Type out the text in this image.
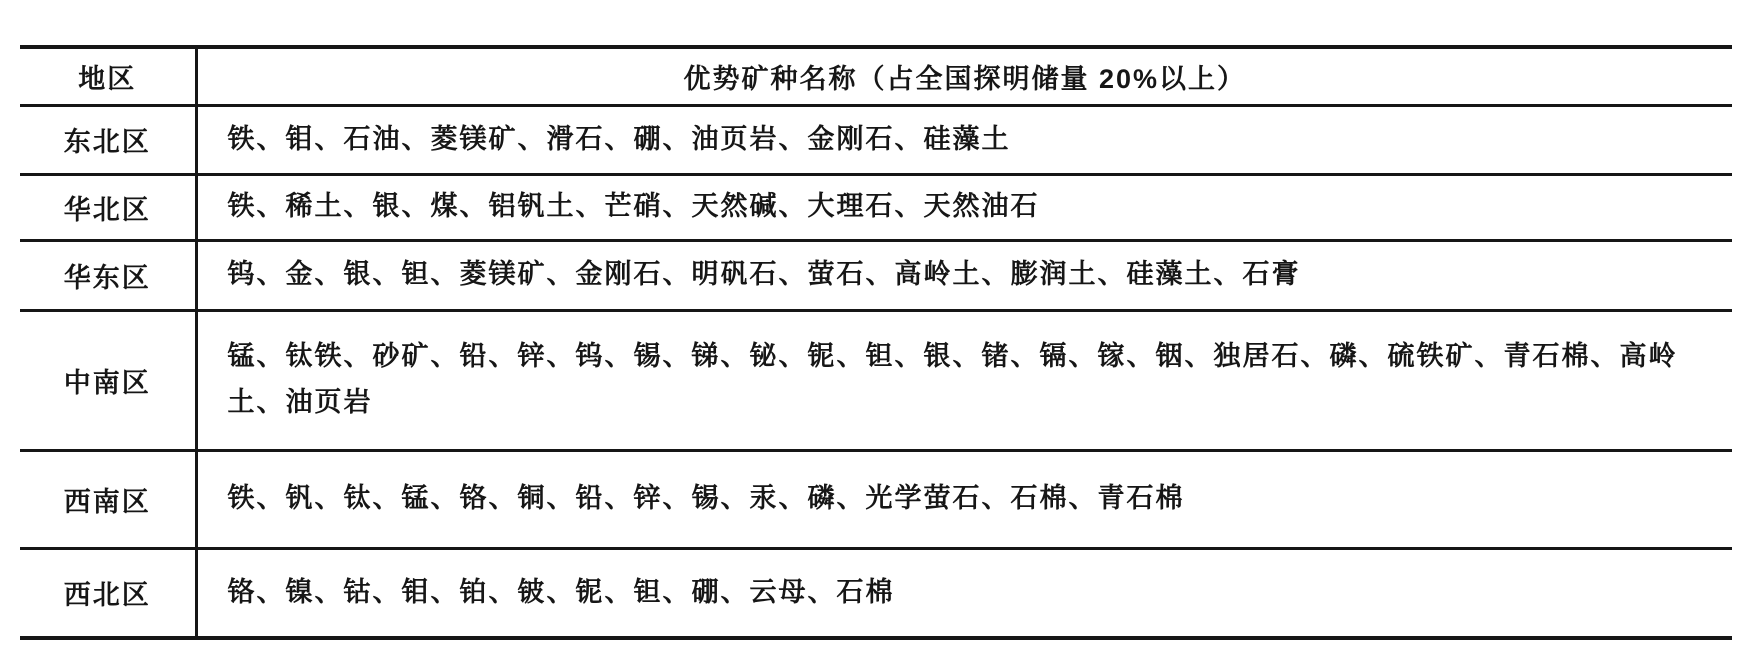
地区	优势矿种名称（占全国探明储量 20%以上）
东北区	铁、钼、石油、菱镁矿、滑石、硼、油页岩、金刚石、硅藻土
华北区	铁、稀土、银、煤、铝钒土、芒硝、天然碱、大理石、天然油石
华东区	钨、金、银、钽、菱镁矿、金刚石、明矾石、萤石、高岭土、膨润土、硅藻土、石膏
中南区	锰、钛铁、砂矿、铅、锌、钨、锡、锑、铋、铌、钽、银、锗、镉、镓、铟、独居石、磷、硫铁矿、青石棉、高岭土、油页岩
西南区	铁、钒、钛、锰、铬、铜、铅、锌、锡、汞、磷、光学萤石、石棉、青石棉
西北区	铬、镍、钴、钼、铂、铍、铌、钽、硼、云母、石棉
